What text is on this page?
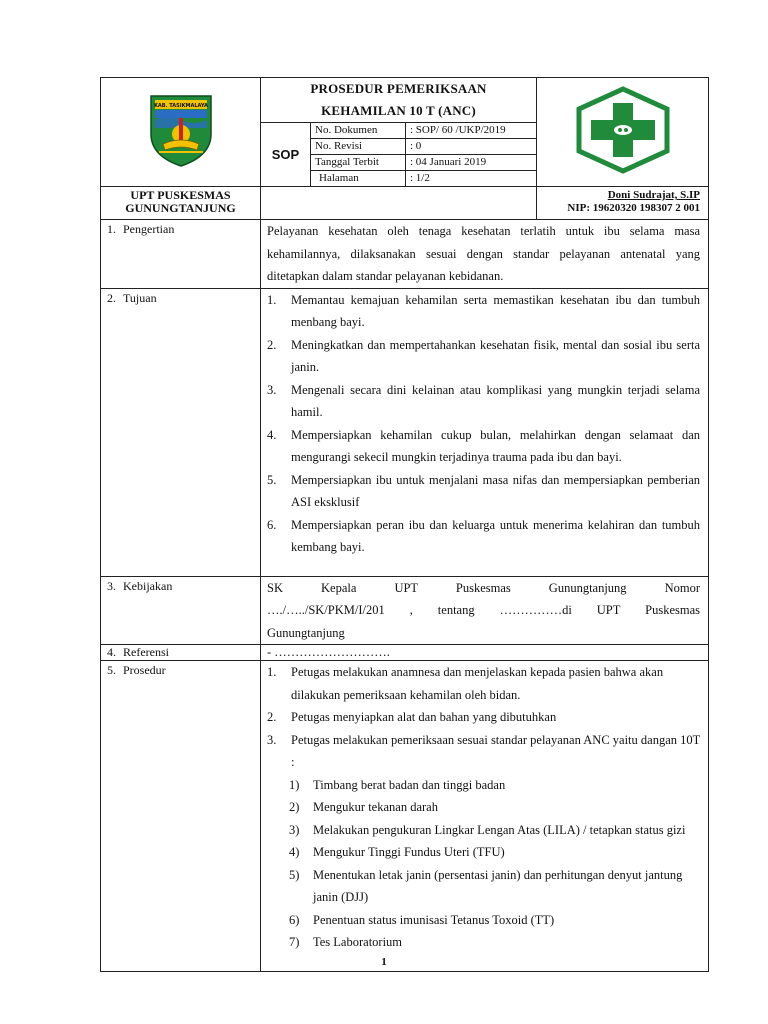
KAB. TASIKMALAYA

PROSEDUR PEMERIKSAAN
KEHAMILAN 10 T (ANC)

SOP	
No. Dokumen	: SOP/ 60 /UKP/2019
No. Revisi	: 0
Tanggal Terbit	: 04 Januari 2019
Halaman	: 1/2

UPT PUSKESMAS
GUNUNGTANJUNG

Doni Sudrajat, S.IP
NIP: 19620320 198307 2 001

1. Pengertian	Pelayanan kesehatan oleh tenaga kesehatan terlatih untuk ibu selama masa kehamilannya, dilaksanakan sesuai dengan standar pelayanan antenatal yang ditetapkan dalam standar pelayanan kebidanan.
2. Tujuan	1. Memantau kemajuan kehamilan serta memastikan kesehatan ibu dan tumbuh menbang bayi.
2. Meningkatkan dan mempertahankan kesehatan fisik, mental dan sosial ibu serta janin.
3. Mengenali secara dini kelainan atau komplikasi yang mungkin terjadi selama hamil.
4. Mempersiapkan kehamilan cukup bulan, melahirkan dengan selamaat dan mengurangi sekecil mungkin terjadinya trauma pada ibu dan bayi.
5. Mempersiapkan ibu untuk menjalani masa nifas dan mempersiapkan pemberian ASI eksklusif
6. Mempersiapkan peran ibu dan keluarga untuk menerima kelahiran dan tumbuh kembang bayi.

3. Kebijakan	SK Kepala UPT Puskesmas Gunungtanjung Nomor
…./…../SK/PKM/I/201 , tentang ……………di UPT Puskesmas
Gunungtanjung

4. Referensi	- ……………………….
5. Prosedur	1. Petugas melakukan anamnesa dan menjelaskan kepada pasien bahwa akan dilakukan pemeriksaan kehamilan oleh bidan.
2. Petugas menyiapkan alat dan bahan yang dibutuhkan
3. Petugas melakukan pemeriksaan sesuai standar pelayanan ANC yaitu dangan 10T :
1) Timbang berat badan dan tinggi badan
2) Mengukur tekanan darah
3) Melakukan pengukuran Lingkar Lengan Atas (LILA) / tetapkan status gizi
4) Mengukur Tinggi Fundus Uteri (TFU)
5) Menentukan letak janin (persentasi janin) dan perhitungan denyut jantung janin (DJJ)
6) Penentuan status imunisasi Tetanus Toxoid (TT)
7) Tes Laboratorium
1
